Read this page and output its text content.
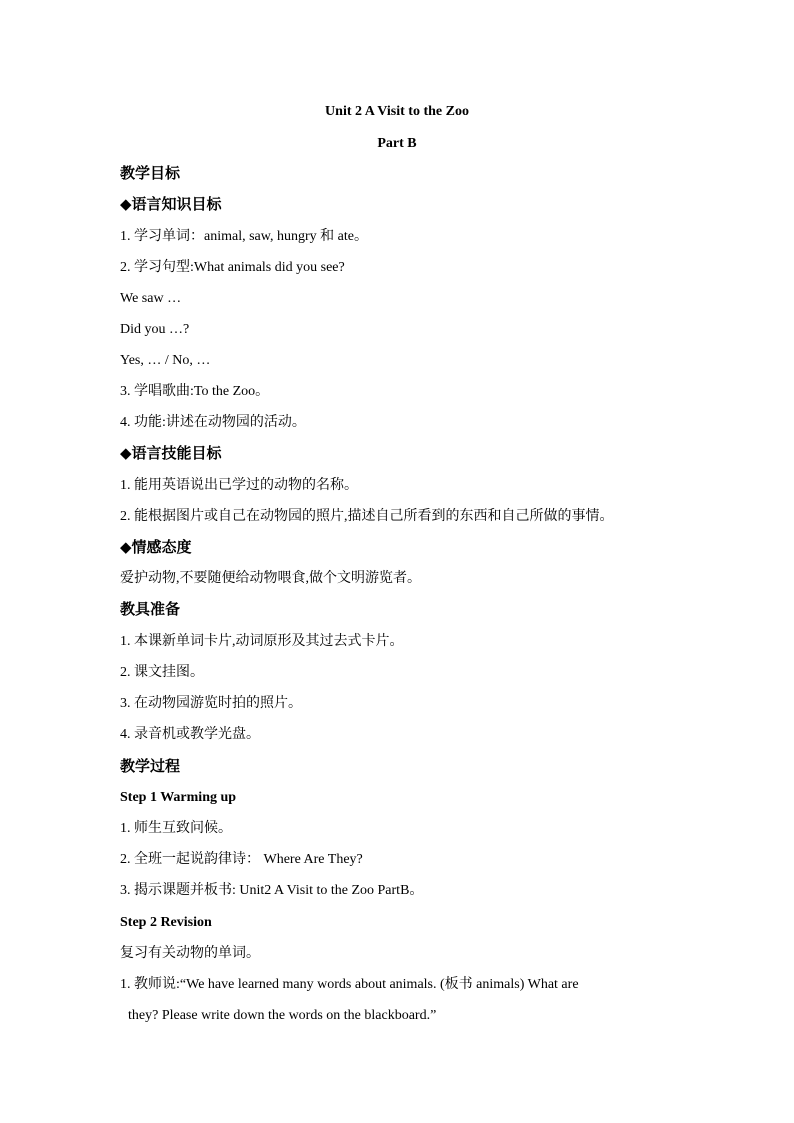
Unit 2 A Visit to the Zoo
Part B
教学目标
◆语言知识目标
1. 学习单词：animal, saw, hungry 和 ate。
2. 学习句型:What animals did you see?
We saw …
Did you …?
Yes, … / No, …
3. 学唱歌曲:To the Zoo。
4. 功能:讲述在动物园的活动。
◆语言技能目标
1. 能用英语说出已学过的动物的名称。
2. 能根据图片或自己在动物园的照片,描述自己所看到的东西和自己所做的事情。
◆情感态度
爱护动物,不要随便给动物喂食,做个文明游览者。
教具准备
1. 本课新单词卡片,动词原形及其过去式卡片。
2. 课文挂图。
3. 在动物园游览时拍的照片。
4. 录音机或教学光盘。
教学过程
Step 1 Warming up
1. 师生互致问候。
2. 全班一起说韵律诗： Where Are They?
3. 揭示课题并板书: Unit2 A Visit to the Zoo PartB。
Step 2 Revision
复习有关动物的单词。
1. 教师说:“We have learned many words about animals. (板书 animals) What are
they? Please write down the words on the blackboard.”
